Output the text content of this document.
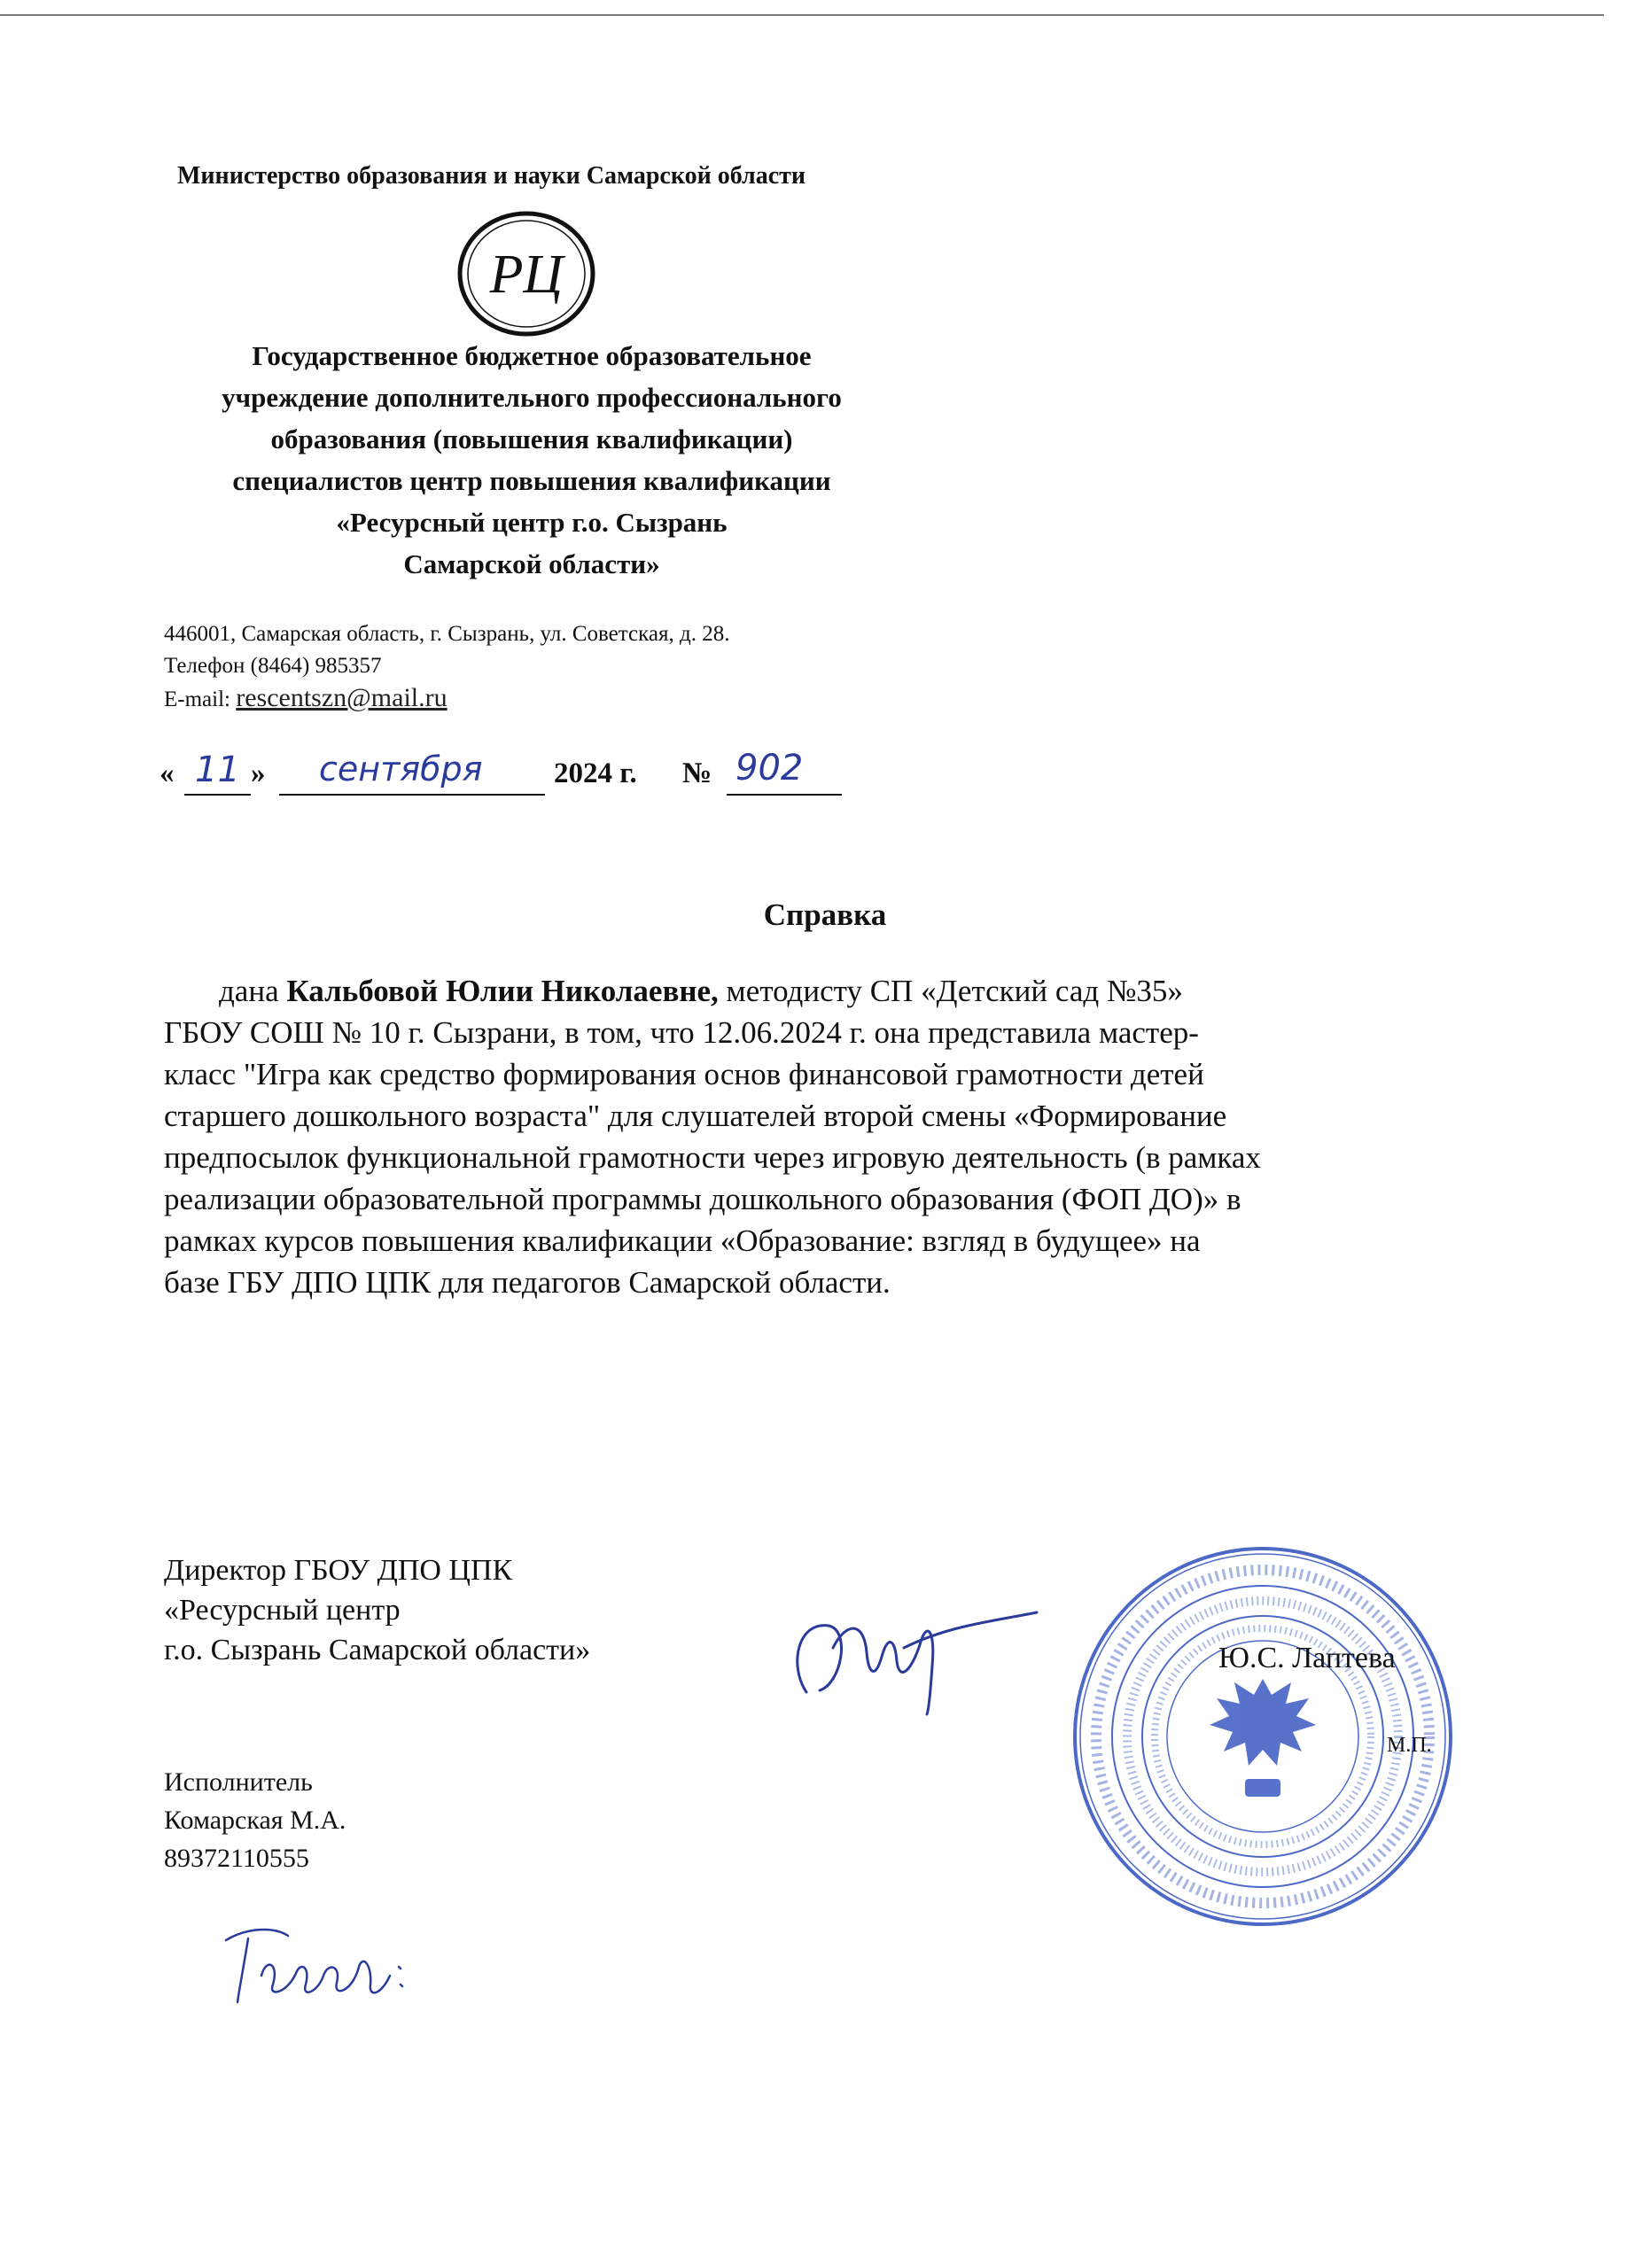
Министерство образования и науки Самарской области
РЦ
Государственное бюджетное образовательное
учреждение дополнительного профессионального
образования (повышения квалификации)
специалистов центр повышения квалификации
«Ресурсный центр г.о. Сызрань
Самарской области»
446001, Самарская область, г. Сызрань, ул. Советская, д. 28.
Телефон (8464) 985357
E-mail: rescentszn@mail.ru
« 11 » сентября 2024 г. № 902
Справка
дана Кальбовой Юлии Николаевне, методисту СП «Детский сад №35»
ГБОУ СОШ № 10 г. Сызрани, в том, что 12.06.2024 г. она представила мастер-
класс "Игра как средство формирования основ финансовой грамотности детей
старшего дошкольного возраста" для слушателей второй смены «Формирование
предпосылок функциональной грамотности через игровую деятельность (в рамках
реализации образовательной программы дошкольного образования (ФОП ДО)» в
рамках курсов повышения квалификации «Образование: взгляд в будущее» на
базе ГБУ ДПО ЦПК для педагогов Самарской области.
Директор ГБОУ ДПО ЦПК
«Ресурсный центр
г.о. Сызрань Самарской области»	Ю.С. Лаптева
М.П.
Исполнитель
Комарская М.А.
89372110555
